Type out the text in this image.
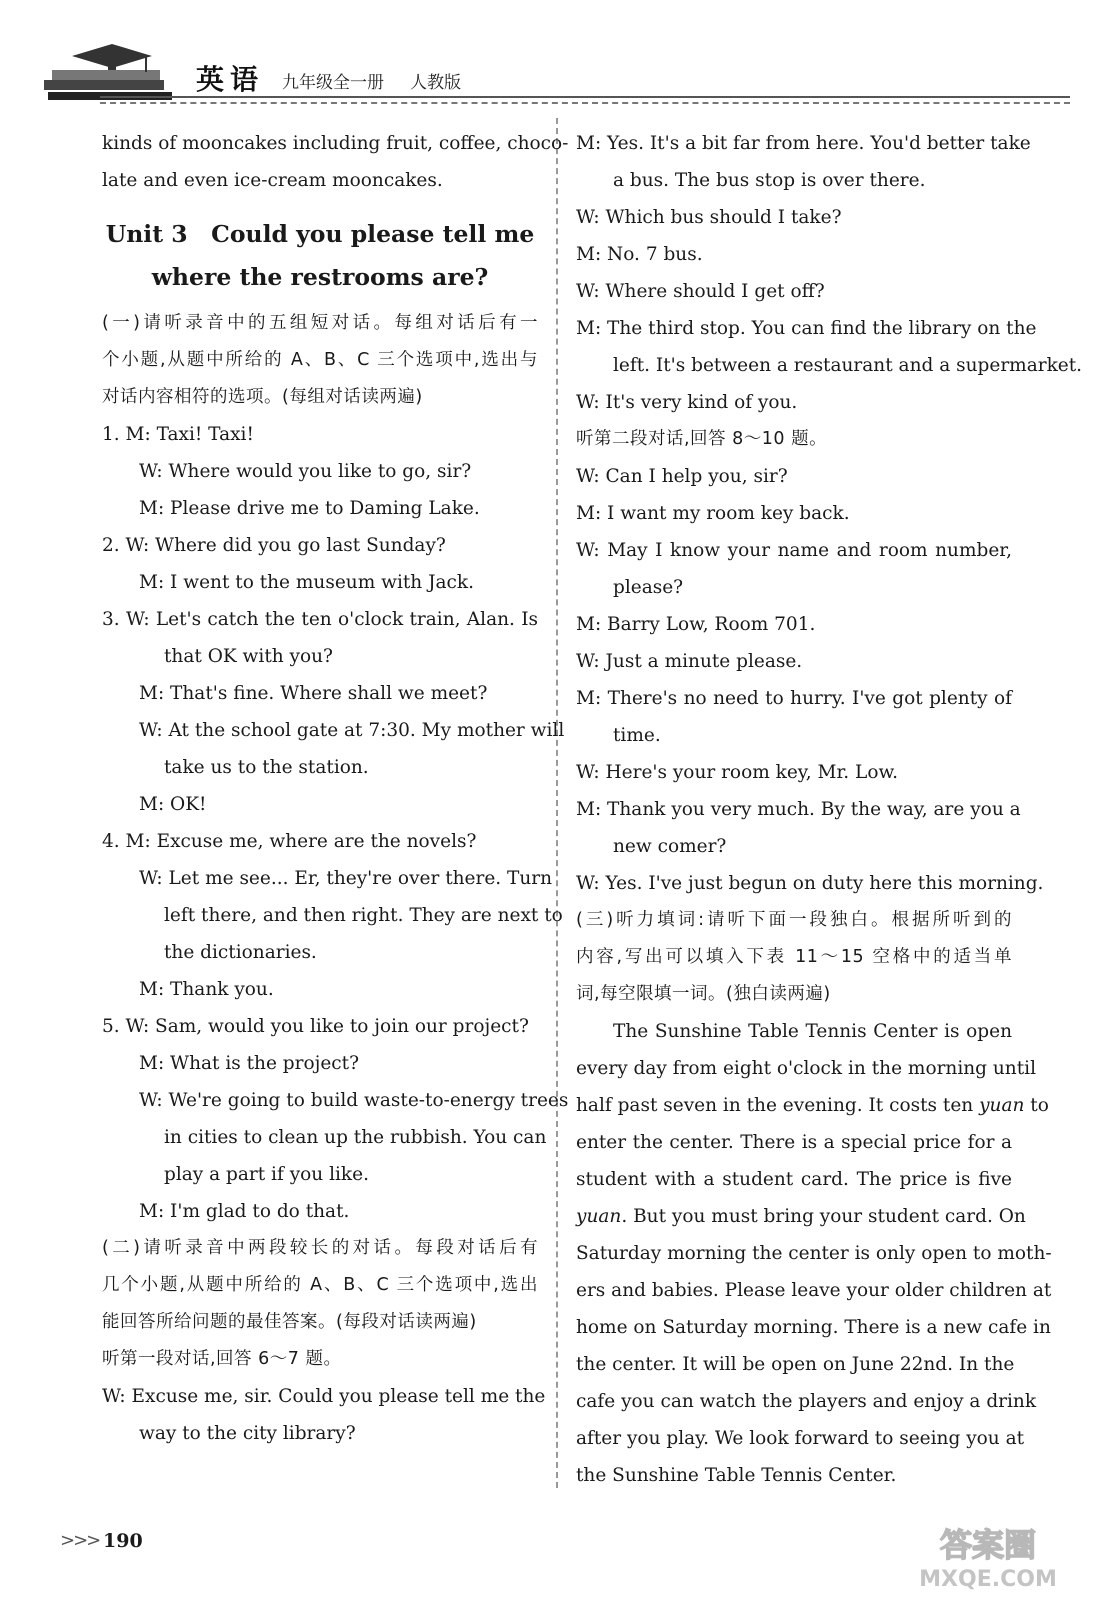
英语 九年级全一册 人教版
kinds of mooncakes including fruit, coffee, choco-
late and even ice-cream mooncakes.
Unit 3　Could you please tell me
where the restrooms are?
(一)请听录音中的五组短对话。每组对话后有一
个小题,从题中所给的 A、B、C 三个选项中,选出与
对话内容相符的选项。(每组对话读两遍)
1. M: Taxi! Taxi!
W: Where would you like to go, sir?
M: Please drive me to Daming Lake.
2. W: Where did you go last Sunday?
M: I went to the museum with Jack.
3. W: Let's catch the ten o'clock train, Alan. Is
that OK with you?
M: That's fine. Where shall we meet?
W: At the school gate at 7:30. My mother will
take us to the station.
M: OK!
4. M: Excuse me, where are the novels?
W: Let me see... Er, they're over there. Turn
left there, and then right. They are next to
the dictionaries.
M: Thank you.
5. W: Sam, would you like to join our project?
M: What is the project?
W: We're going to build waste-to-energy trees
in cities to clean up the rubbish. You can
play a part if you like.
M: I'm glad to do that.
(二)请听录音中两段较长的对话。每段对话后有
几个小题,从题中所给的 A、B、C 三个选项中,选出
能回答所给问题的最佳答案。(每段对话读两遍)
听第一段对话,回答 6～7 题。
W: Excuse me, sir. Could you please tell me the
way to the city library?
M: Yes. It's a bit far from here. You'd better take
a bus. The bus stop is over there.
W: Which bus should I take?
M: No. 7 bus.
W: Where should I get off?
M: The third stop. You can find the library on the
left. It's between a restaurant and a supermarket.
W: It's very kind of you.
听第二段对话,回答 8～10 题。
W: Can I help you, sir?
M: I want my room key back.
W: May I know your name and room number,
please?
M: Barry Low, Room 701.
W: Just a minute please.
M: There's no need to hurry. I've got plenty of
time.
W: Here's your room key, Mr. Low.
M: Thank you very much. By the way, are you a
new comer?
W: Yes. I've just begun on duty here this morning.
(三)听力填词:请听下面一段独白。根据所听到的
内容,写出可以填入下表 11～15 空格中的适当单
词,每空限填一词。(独白读两遍)
The Sunshine Table Tennis Center is open
every day from eight o'clock in the morning until
half past seven in the evening. It costs ten yuan to
enter the center. There is a special price for a
student with a student card. The price is five
yuan. But you must bring your student card. On
Saturday morning the center is only open to moth-
ers and babies. Please leave your older children at
home on Saturday morning. There is a new cafe in
the center. It will be open on June 22nd. In the
cafe you can watch the players and enjoy a drink
after you play. We look forward to seeing you at
the Sunshine Table Tennis Center.
>>> 190	答案圈
MXQE.COM
